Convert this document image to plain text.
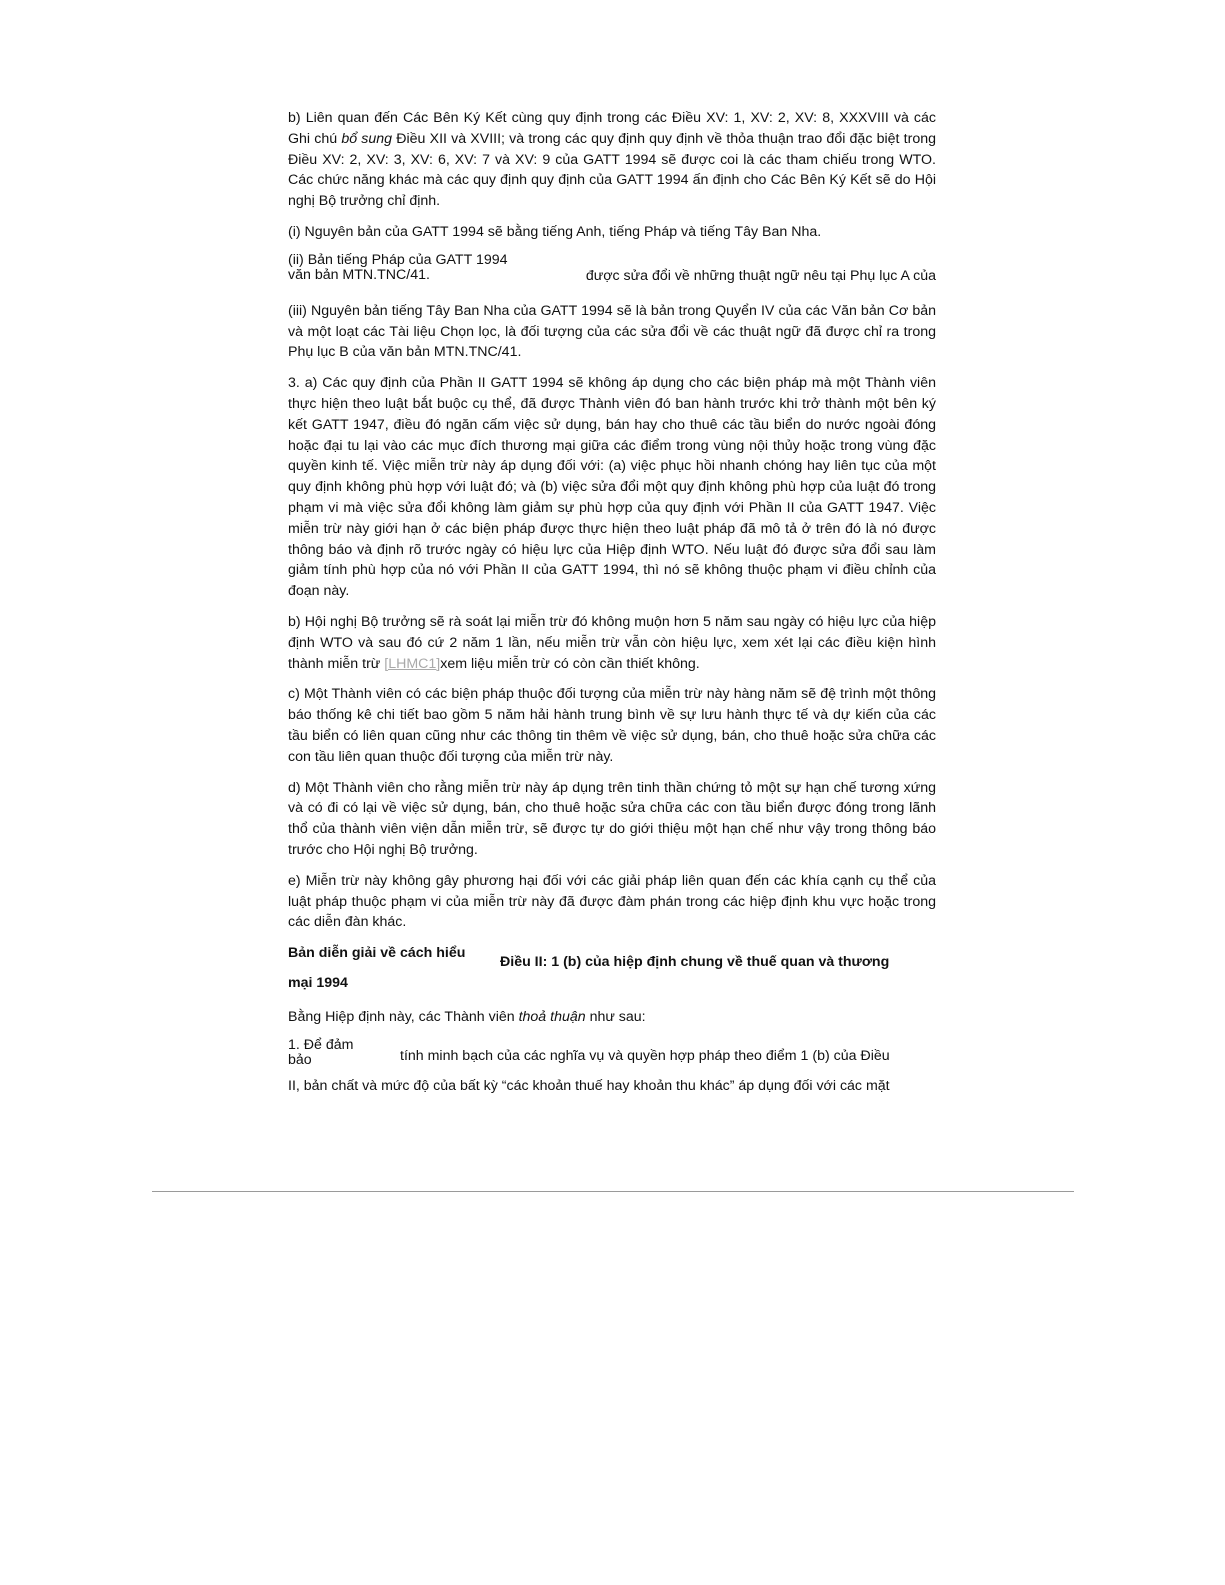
b) Liên quan đến Các Bên Ký Kết cùng quy định trong các Điều XV: 1, XV: 2, XV: 8, XXXVIII và các Ghi chú bổ sung Điều XII và XVIII; và trong các quy định quy định về thỏa thuận trao đổi đặc biệt trong Điều XV: 2, XV: 3, XV: 6, XV: 7 và XV: 9 của GATT 1994 sẽ được coi là các tham chiếu trong WTO. Các chức năng khác mà các quy định quy định của GATT 1994 ấn định cho Các Bên Ký Kết sẽ do Hội nghị Bộ trưởng chỉ định.

(i) Nguyên bản của GATT 1994 sẽ bằng tiếng Anh, tiếng Pháp và tiếng Tây Ban Nha.

(ii) Bản tiếng Pháp của GATT 1994
văn bản MTN.TNC/41.	được sửa đổi về những thuật ngữ nêu tại Phụ lục A của

(iii) Nguyên bản tiếng Tây Ban Nha của GATT 1994 sẽ là bản trong Quyển IV của các Văn bản Cơ bản và một loạt các Tài liệu Chọn lọc, là đối tượng của các sửa đổi về các thuật ngữ đã được chỉ ra trong Phụ lục B của văn bản MTN.TNC/41.

3. a) Các quy định của Phần II GATT 1994 sẽ không áp dụng cho các biện pháp mà một Thành viên thực hiện theo luật bắt buộc cụ thể, đã được Thành viên đó ban hành trước khi trở thành một bên ký kết GATT 1947, điều đó ngăn cấm việc sử dụng, bán hay cho thuê các tầu biển do nước ngoài đóng hoặc đại tu lại vào các mục đích thương mại giữa các điểm trong vùng nội thủy hoặc trong vùng đặc quyền kinh tế. Việc miễn trừ này áp dụng đối với: (a) việc phục hồi nhanh chóng hay liên tục của một quy định không phù hợp với luật đó; và (b) việc sửa đổi một quy định không phù hợp của luật đó trong phạm vi mà việc sửa đổi không làm giảm sự phù hợp của quy định với Phần II của GATT 1947. Việc miễn trừ này giới hạn ở các biện pháp được thực hiện theo luật pháp đã mô tả ở trên đó là nó được thông báo và định rõ trước ngày có hiệu lực của Hiệp định WTO. Nếu luật đó được sửa đổi sau làm giảm tính phù hợp của nó với Phần II của GATT 1994, thì nó sẽ không thuộc phạm vi điều chỉnh của đoạn này.

b) Hội nghị Bộ trưởng sẽ rà soát lại miễn trừ đó không muộn hơn 5 năm sau ngày có hiệu lực của hiệp định WTO và sau đó cứ 2 năm 1 lần, nếu miễn trừ vẫn còn hiệu lực, xem xét lại các điều kiện hình thành miễn trừ [LHMC1]xem liệu miễn trừ có còn cần thiết không.

c) Một Thành viên có các biện pháp thuộc đối tượng của miễn trừ này hàng năm sẽ đệ trình một thông báo thống kê chi tiết bao gồm 5 năm hải hành trung bình về sự lưu hành thực tế và dự kiến của các tầu biển có liên quan cũng như các thông tin thêm về việc sử dụng, bán, cho thuê hoặc sửa chữa các con tầu liên quan thuộc đối tượng của miễn trừ này.

d) Một Thành viên cho rằng miễn trừ này áp dụng trên tinh thần chứng tỏ một sự hạn chế tương xứng và có đi có lại về việc sử dụng, bán, cho thuê hoặc sửa chữa các con tầu biển được đóng trong lãnh thổ của thành viên viện dẫn miễn trừ, sẽ được tự do giới thiệu một hạn chế như vậy trong thông báo trước cho Hội nghị Bộ trưởng.

e) Miễn trừ này không gây phương hại đối với các giải pháp liên quan đến các khía cạnh cụ thể của luật pháp thuộc phạm vi của miễn trừ này đã được đàm phán trong các hiệp định khu vực hoặc trong các diễn đàn khác.

Bản diễn giải về cách hiểu
Điều II: 1 (b) của hiệp định chung về thuế quan và thương
mại 1994

Bằng Hiệp định này, các Thành viên thoả thuận như sau:

1. Để đảm
bảo	tính minh bạch của các nghĩa vụ và quyền hợp pháp theo điểm 1 (b) của Điều

II, bản chất và mức độ của bất kỳ “các khoản thuế hay khoản thu khác” áp dụng đối với các mặt
